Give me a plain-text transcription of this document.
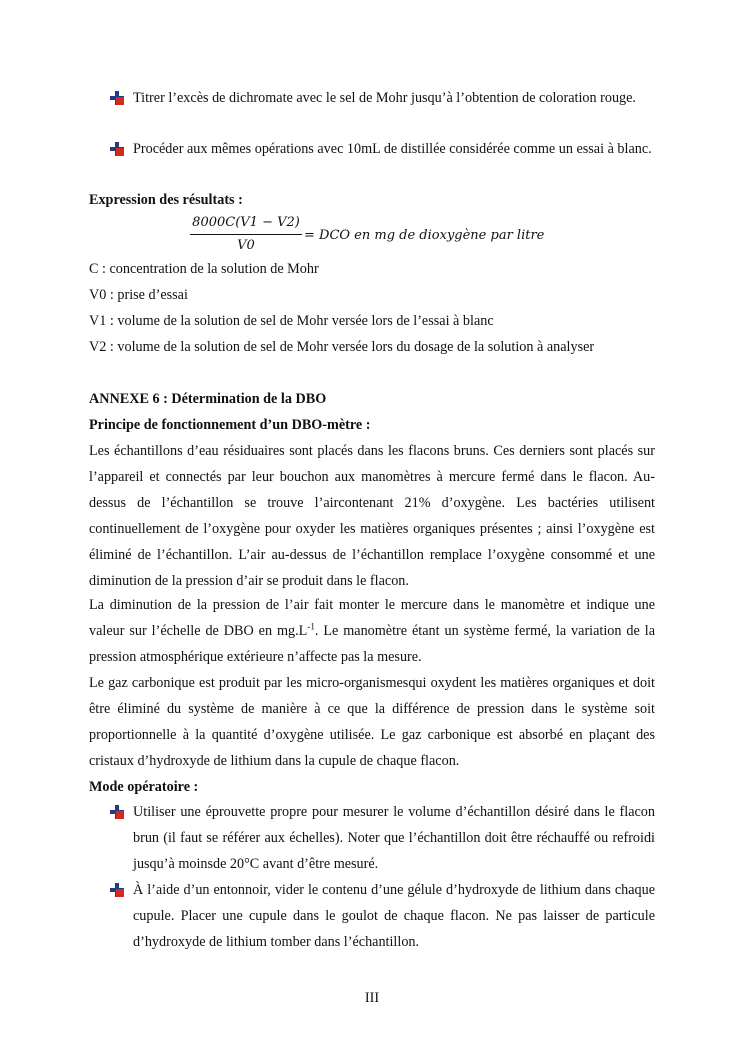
Titrer l’excès de dichromate avec le sel de Mohr jusqu’à l’obtention de coloration rouge.
Procéder aux mêmes opérations avec 10mL de distillée considérée comme un essai à blanc.
Expression des résultats :
8000C(V1 − V2)
V0
= DCO en mg de dioxygène par litre
C : concentration de la solution de Mohr
V0 : prise d’essai
V1 : volume de la solution de sel de Mohr versée lors de l’essai à blanc
V2 : volume de la solution de sel de Mohr versée lors du dosage de la solution à analyser
ANNEXE 6 : Détermination de la DBO
Principe de fonctionnement d’un DBO-mètre :
Les échantillons d’eau résiduaires sont placés dans les flacons bruns. Ces derniers sont placés sur l’appareil et connectés par leur bouchon aux manomètres à mercure fermé dans le flacon. Au-dessus de l’échantillon se trouve l’aircontenant 21% d’oxygène. Les bactéries utilisent continuellement de l’oxygène pour oxyder les matières organiques présentes ; ainsi l’oxygène est éliminé de l’échantillon. L’air au-dessus de l’échantillon remplace l’oxygène consommé et une diminution de la pression d’air se produit dans le flacon.
La diminution de la pression de l’air fait monter le mercure dans le manomètre et indique une valeur sur l’échelle de DBO en $mg.L^{-1}$. Le manomètre étant un système fermé, la variation de la pression atmosphérique extérieure n’affecte pas la mesure.
Le gaz carbonique est produit par les micro-organismesqui oxydent les matières organiques et doit être éliminé du système de manière à ce que la différence de pression dans le système soit proportionnelle à la quantité d’oxygène utilisée. Le gaz carbonique est absorbé en plaçant des cristaux d’hydroxyde de lithium dans la cupule de chaque flacon.
Mode opératoire :
Utiliser une éprouvette propre pour mesurer le volume d’échantillon désiré dans le flacon brun (il faut se référer aux échelles). Noter que l’échantillon doit être réchauffé ou refroidi jusqu’à moinsde 20°C avant d’être mesuré.
À l’aide d’un entonnoir, vider le contenu d’une gélule d’hydroxyde de lithium dans chaque cupule. Placer une cupule dans le goulot de chaque flacon. Ne pas laisser de particule d’hydroxyde de lithium tomber dans l’échantillon.
III
